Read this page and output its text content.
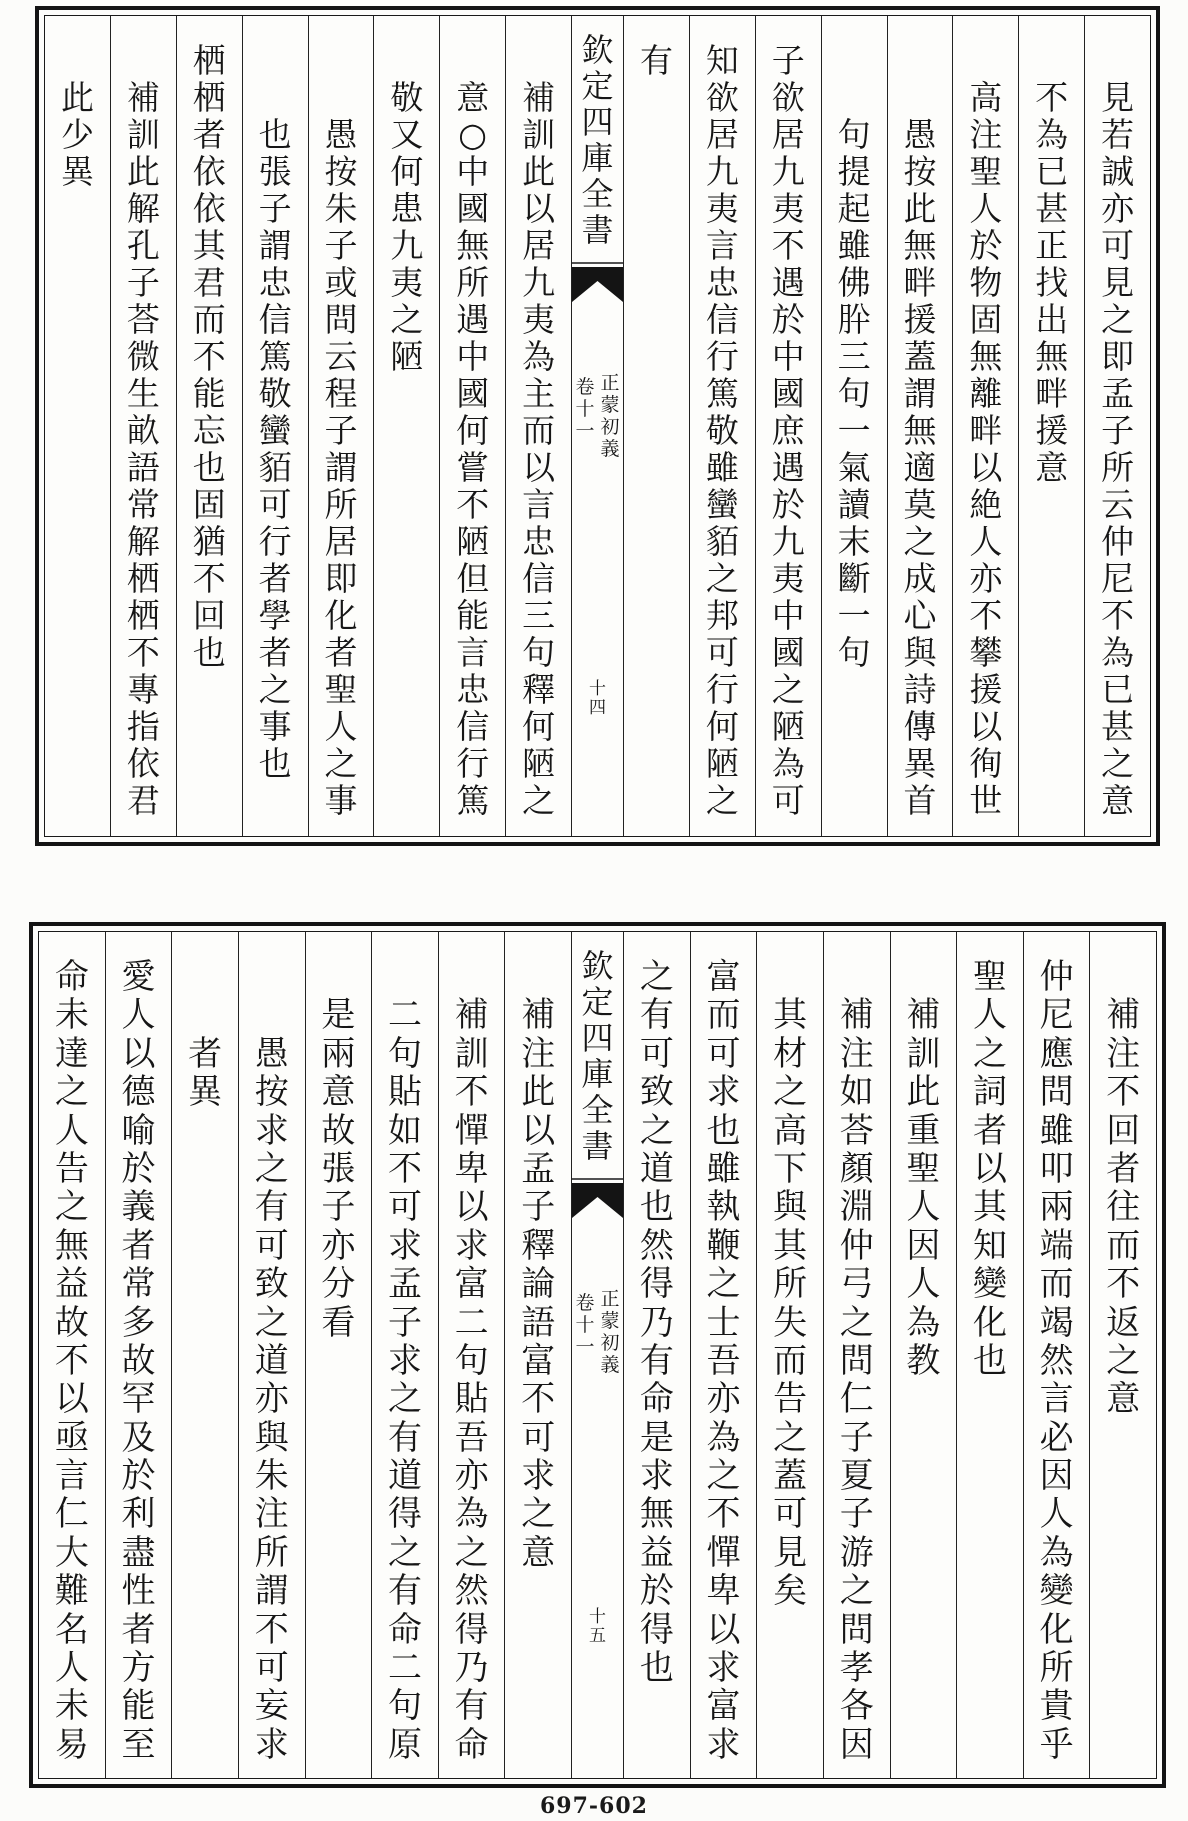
見
若
誠
亦
可
見
之
即
孟
子
所
云
仲
尼
不
為
已
甚
之
意
不
為
已
甚
正
找
出
無
畔
援
意
高
注
聖
人
於
物
固
無
離
畔
以
絶
人
亦
不
攀
援
以
徇
世
愚
按
此
無
畔
援
蓋
謂
無
適
莫
之
成
心
與
詩
傳
異
首
句
提
起
雖
佛
肸
三
句
一
氣
讀
末
斷
一
句
子
欲
居
九
夷
不
遇
於
中
國
庶
遇
於
九
夷
中
國
之
陋
為
可
知
欲
居
九
夷
言
忠
信
行
篤
敬
雖
蠻
貊
之
邦
可
行
何
陋
之
有
欽
定
四
庫
全
書
正
蒙
初
義
卷
十
一
十
四
補
訓
此
以
居
九
夷
為
主
而
以
言
忠
信
三
句
釋
何
陋
之
意
○
中
國
無
所
遇
中
國
何
嘗
不
陋
但
能
言
忠
信
行
篤
敬
又
何
患
九
夷
之
陋
愚
按
朱
子
或
問
云
程
子
謂
所
居
即
化
者
聖
人
之
事
也
張
子
謂
忠
信
篤
敬
蠻
貊
可
行
者
學
者
之
事
也
栖
栖
者
依
依
其
君
而
不
能
忘
也
固
猶
不
回
也
補
訓
此
解
孔
子
荅
微
生
畝
語
常
解
栖
栖
不
專
指
依
君
此
少
異
補
注
不
回
者
往
而
不
返
之
意
仲
尼
應
問
雖
叩
兩
端
而
竭
然
言
必
因
人
為
變
化
所
貴
乎
聖
人
之
詞
者
以
其
知
變
化
也
補
訓
此
重
聖
人
因
人
為
教
補
注
如
荅
顏
淵
仲
弓
之
問
仁
子
夏
子
游
之
問
孝
各
因
其
材
之
高
下
與
其
所
失
而
告
之
蓋
可
見
矣
富
而
可
求
也
雖
執
鞭
之
士
吾
亦
為
之
不
憚
卑
以
求
富
求
之
有
可
致
之
道
也
然
得
乃
有
命
是
求
無
益
於
得
也
欽
定
四
庫
全
書
正
蒙
初
義
卷
十
一
十
五
補
注
此
以
孟
子
釋
論
語
富
不
可
求
之
意
補
訓
不
憚
卑
以
求
富
二
句
貼
吾
亦
為
之
然
得
乃
有
命
二
句
貼
如
不
可
求
孟
子
求
之
有
道
得
之
有
命
二
句
原
是
兩
意
故
張
子
亦
分
看
愚
按
求
之
有
可
致
之
道
亦
與
朱
注
所
謂
不
可
妄
求
者
異
愛
人
以
德
喻
於
義
者
常
多
故
罕
及
於
利
盡
性
者
方
能
至
命
未
達
之
人
告
之
無
益
故
不
以
亟
言
仁
大
難
名
人
未
易
697-602
